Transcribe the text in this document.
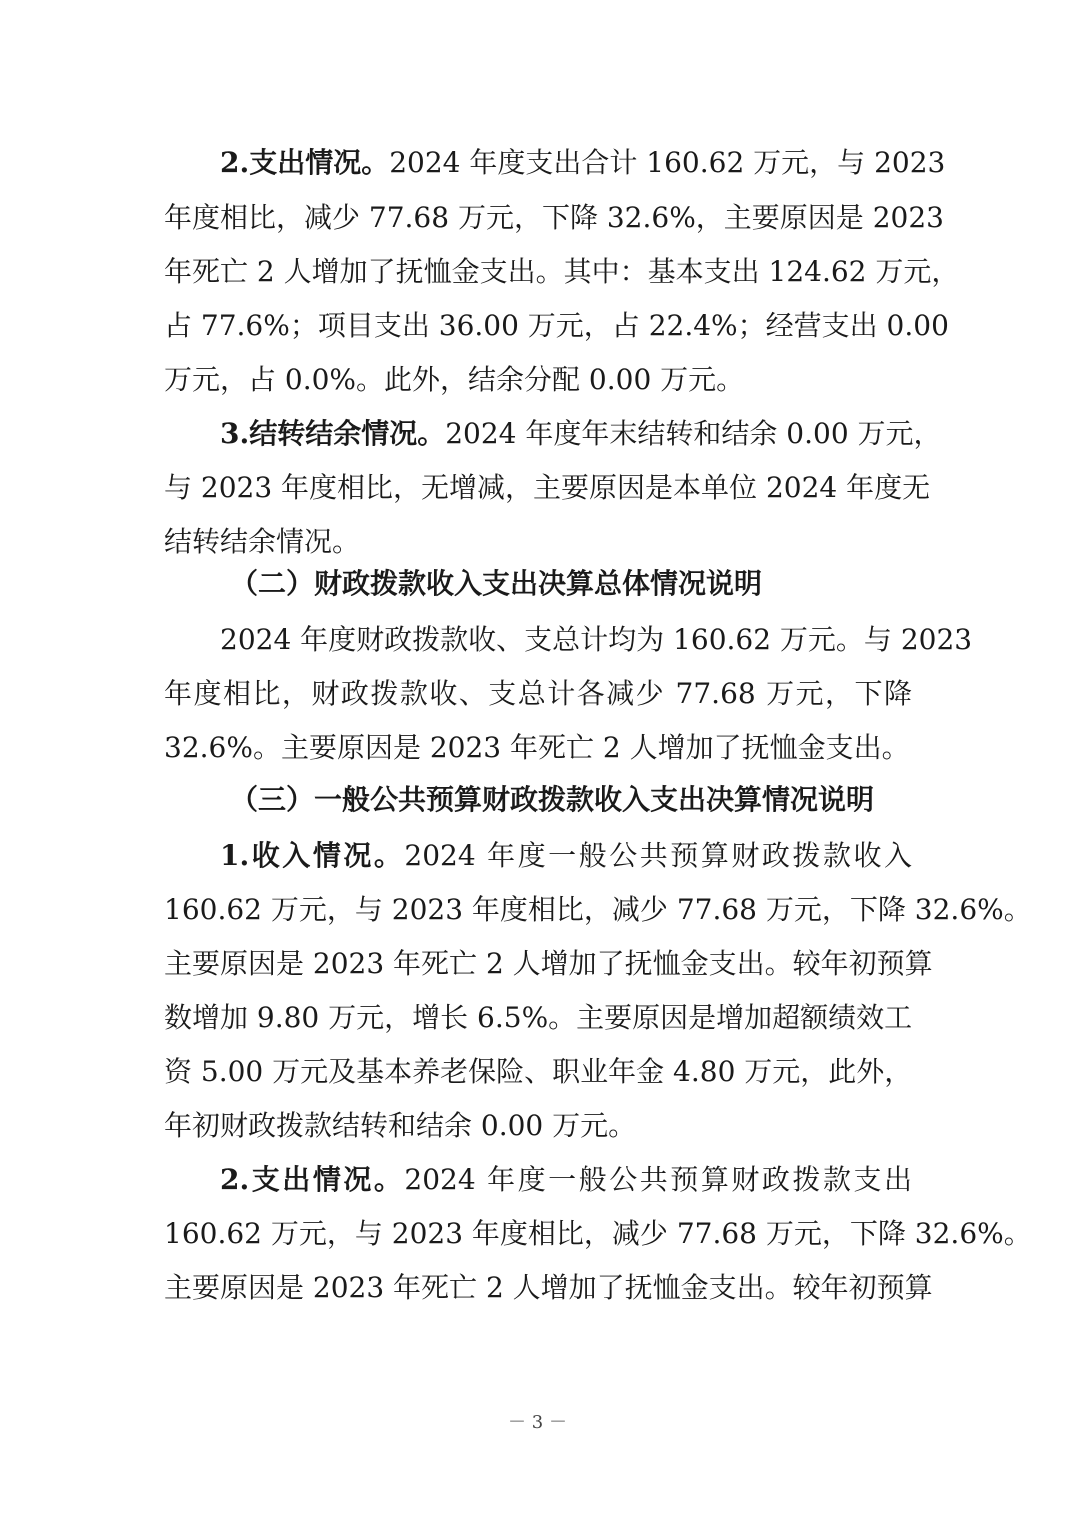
2.支出情况。2024 年度支出合计 160.62 万元，与 2023
年度相比，减少 77.68 万元，下降 32.6%，主要原因是 2023
年死亡 2 人增加了抚恤金支出。其中：基本支出 124.62 万元，
占 77.6%；项目支出 36.00 万元，占 22.4%；经营支出 0.00
万元，占 0.0%。此外，结余分配 0.00 万元。
3.结转结余情况。2024 年度年末结转和结余 0.00 万元，
与 2023 年度相比，无增减，主要原因是本单位 2024 年度无
结转结余情况。
（二）财政拨款收入支出决算总体情况说明
2024 年度财政拨款收、支总计均为 160.62 万元。与 2023
年度相比，财政拨款收、支总计各减少 77.68 万元，下降
32.6%。主要原因是 2023 年死亡 2 人增加了抚恤金支出。
（三）一般公共预算财政拨款收入支出决算情况说明
1.收入情况。2024 年度一般公共预算财政拨款收入
160.62 万元，与 2023 年度相比，减少 77.68 万元，下降 32.6%。
主要原因是 2023 年死亡 2 人增加了抚恤金支出。较年初预算
数增加 9.80 万元，增长 6.5%。主要原因是增加超额绩效工
资 5.00 万元及基本养老保险、职业年金 4.80 万元，此外，
年初财政拨款结转和结余 0.00 万元。
2.支出情况。2024 年度一般公共预算财政拨款支出
160.62 万元，与 2023 年度相比，减少 77.68 万元，下降 32.6%。
主要原因是 2023 年死亡 2 人增加了抚恤金支出。较年初预算
－ 3 －
